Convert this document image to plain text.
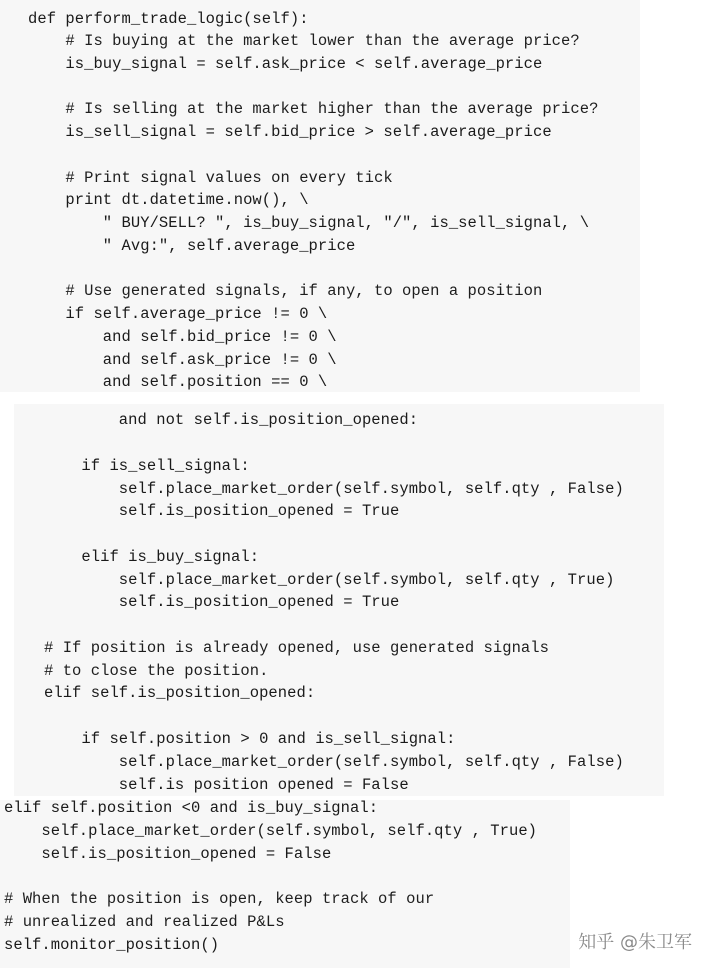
def perform_trade_logic(self):
# Is buying at the market lower than the average price?
is_buy_signal = self.ask_price < self.average_price
# Is selling at the market higher than the average price?
is_sell_signal = self.bid_price > self.average_price
# Print signal values on every tick
print dt.datetime.now(), \
" BUY/SELL? ", is_buy_signal, "/", is_sell_signal, \
" Avg:", self.average_price
# Use generated signals, if any, to open a position
if self.average_price != 0 \
and self.bid_price != 0 \
and self.ask_price != 0 \
and self.position == 0 \
and not self.is_position_opened:
if is_sell_signal:
self.place_market_order(self.symbol, self.qty , False)
self.is_position_opened = True
elif is_buy_signal:
self.place_market_order(self.symbol, self.qty , True)
self.is_position_opened = True
# If position is already opened, use generated signals
# to close the position.
elif self.is_position_opened:
if self.position > 0 and is_sell_signal:
self.place_market_order(self.symbol, self.qty , False)
self.is position opened = False
elif self.position <0 and is_buy_signal:
self.place_market_order(self.symbol, self.qty , True)
self.is_position_opened = False
# When the position is open, keep track of our
# unrealized and realized P&Ls
self.monitor_position()	知乎 @朱卫军
